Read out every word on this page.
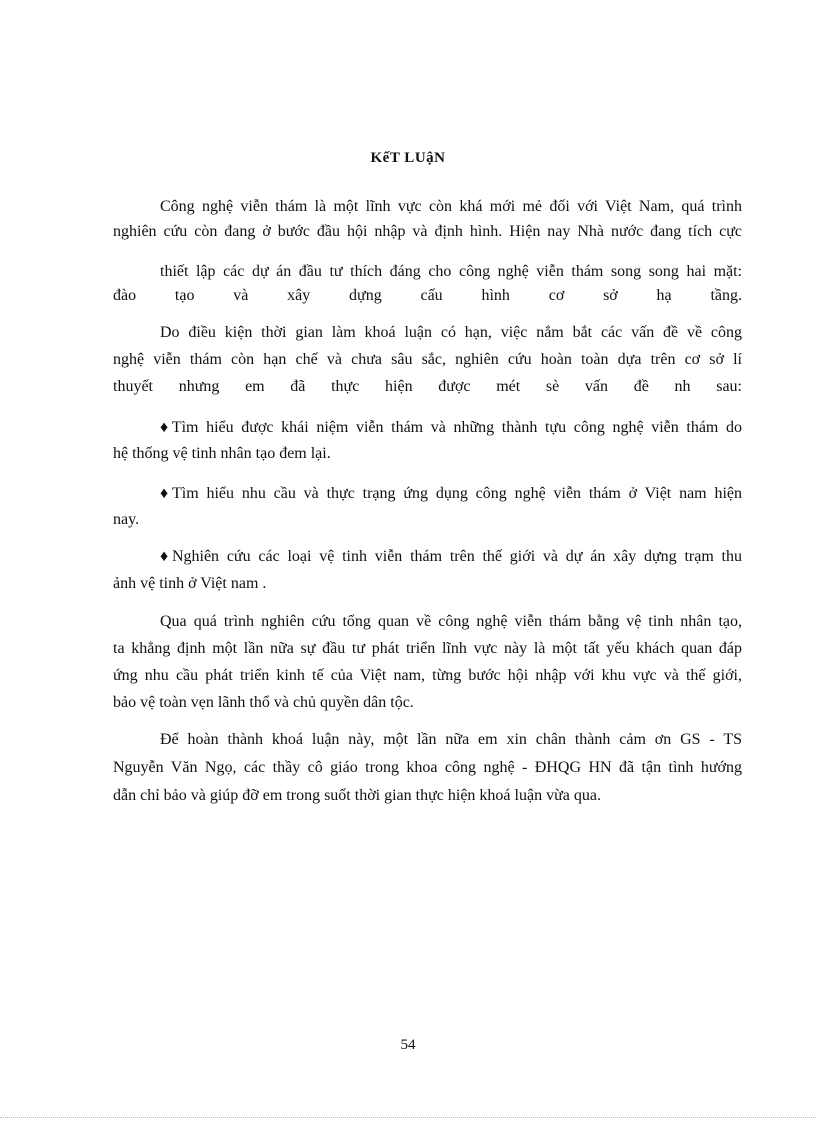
KếT LUậN
Công nghệ viễn thám là một lĩnh vực còn khá mới mẻ đối với Việt Nam, quá trình
nghiên cứu còn đang ở bước đầu hội nhập và định hình. Hiện nay Nhà nước đang tích cực
thiết lập các dự án đầu tư thích đáng cho công nghệ viễn thám song song hai mặt:
đào tạo và xây dựng cấu hình cơ sở hạ tầng.
Do điều kiện thời gian làm khoá luận có hạn, việc nắm bắt các vấn đề về công
nghệ viễn thám còn hạn chế và chưa sâu sắc, nghiên cứu hoàn toàn dựa trên cơ sở lí
thuyết nhưng em đã thực hiện được mét sè vấn đề nh sau:
♦Tìm hiểu được khái niệm viễn thám và những thành tựu công nghệ viễn thám do
hệ thống vệ tinh nhân tạo đem lại.
♦Tìm hiểu nhu cầu và thực trạng ứng dụng công nghệ viễn thám ở Việt nam hiện
nay.
♦Nghiên cứu các loại vệ tinh viễn thám trên thế giới và dự án xây dựng trạm thu
ảnh vệ tinh ở Việt nam .
Qua quá trình nghiên cứu tổng quan về công nghệ viễn thám bằng vệ tinh nhân tạo,
ta khẳng định một lần nữa sự đầu tư phát triển lĩnh vực này là một tất yếu khách quan đáp
ứng nhu cầu phát triển kinh tế của Việt nam, từng bước hội nhập với khu vực và thế giới,
bảo vệ toàn vẹn lãnh thổ và chủ quyền dân tộc.
Để hoàn thành khoá luận này, một lần nữa em xin chân thành cảm ơn GS - TS
Nguyễn Văn Ngọ, các thầy cô giáo trong khoa công nghệ - ĐHQG HN đã tận tình hướng
dẫn chỉ bảo và giúp đỡ em trong suốt thời gian thực hiện khoá luận vừa qua.
54
